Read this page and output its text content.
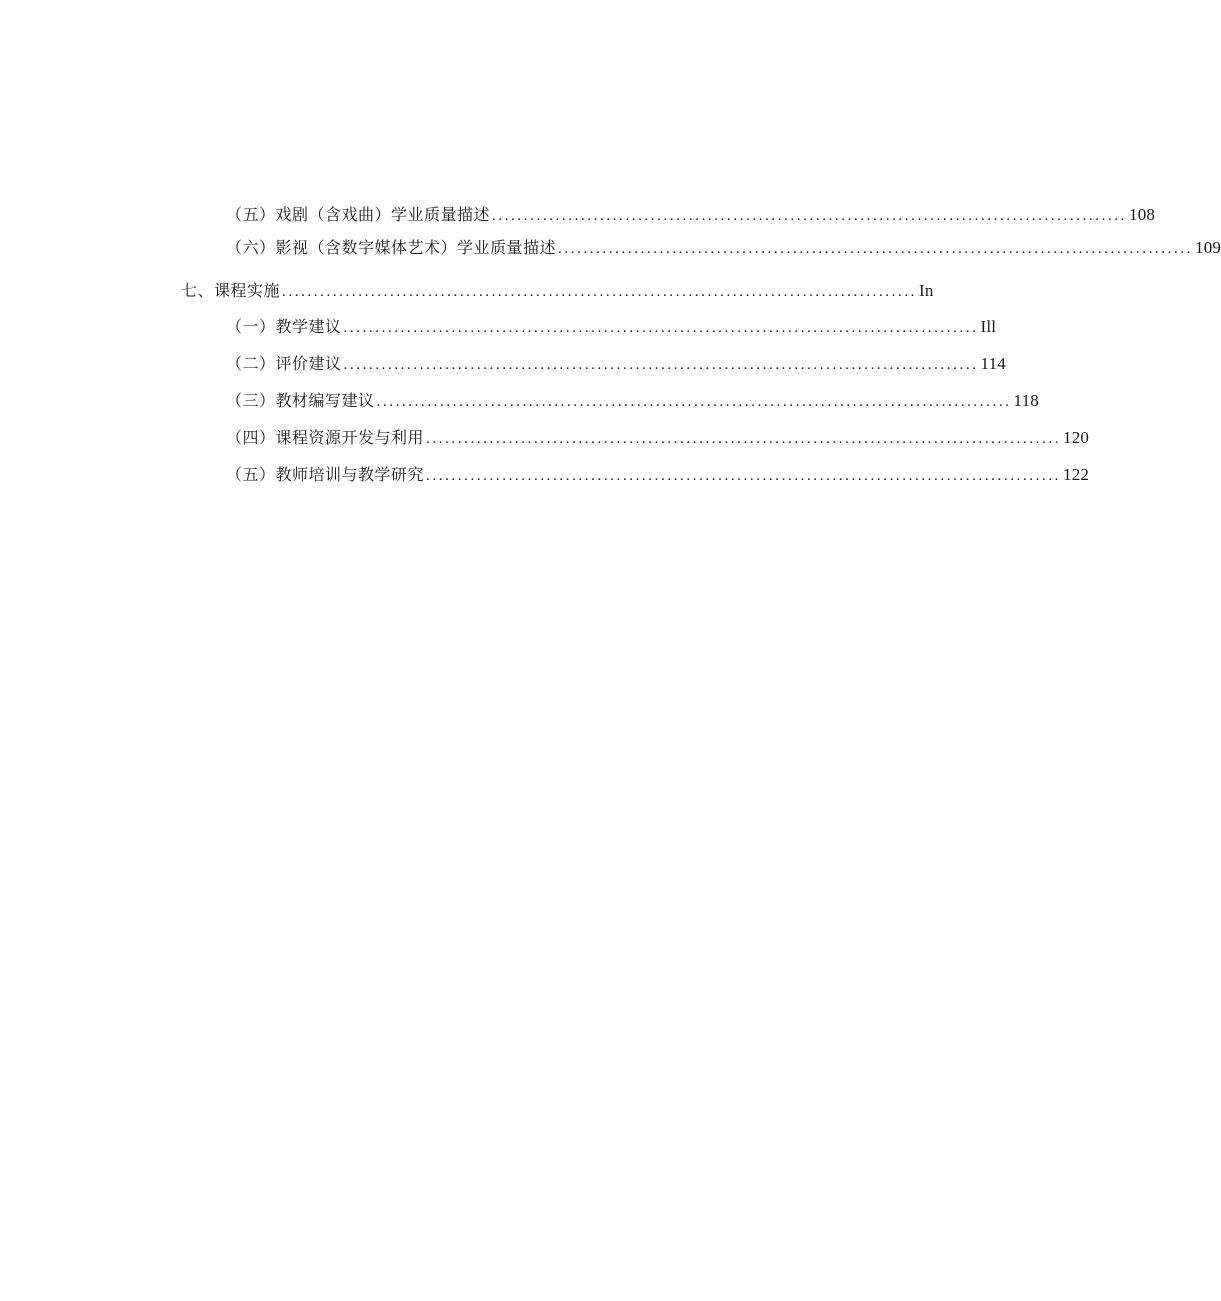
（五）戏剧（含戏曲）学业质量描述 .................................................................................................... 108
（六）影视（含数字媒体艺术）学业质量描述 .................................................................................................... 109
七、课程实施 .................................................................................................... In
（一）教学建议 .................................................................................................... Ill
（二）评价建议 .................................................................................................... 114
（三）教材编写建议 .................................................................................................... 118
（四）课程资源开发与利用 .................................................................................................... 120
（五）教师培训与教学研究 .................................................................................................... 122
